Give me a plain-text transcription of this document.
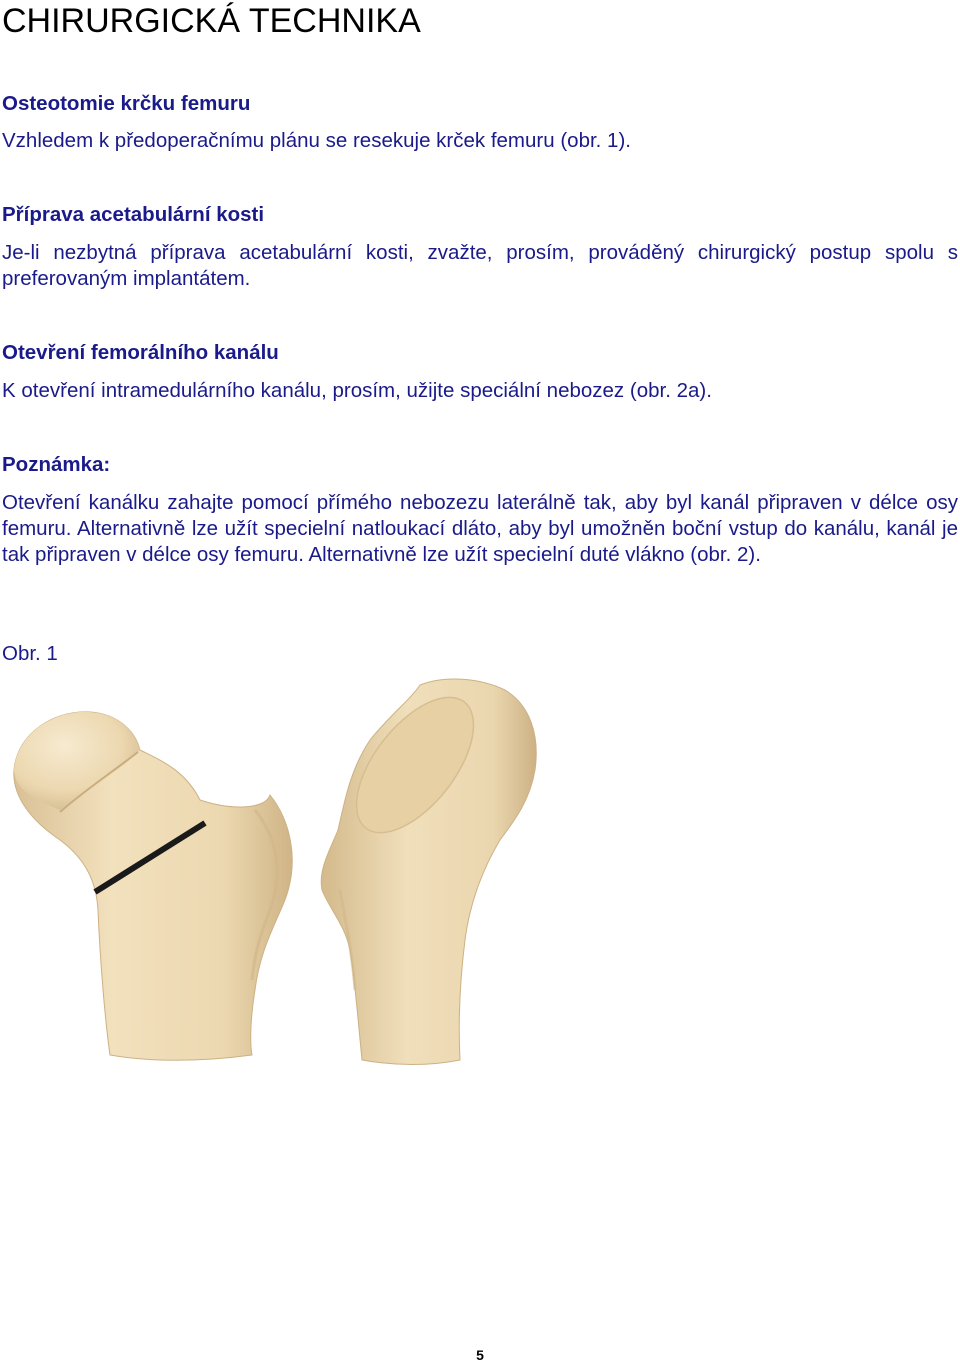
CHIRURGICKÁ TECHNIKA
Osteotomie krčku femuru

Vzhledem k předoperačnímu plánu se resekuje krček femuru (obr. 1).

Příprava acetabulární kosti

Je-li nezbytná příprava acetabulární kosti, zvažte, prosím, prováděný chirurgický postup spolu s preferovaným implantátem.

Otevření femorálního kanálu

K otevření intramedulárního kanálu, prosím, užijte speciální nebozez (obr. 2a).

Poznámka:

Otevření kanálku zahajte pomocí přímého nebozezu laterálně tak, aby byl kanál připraven v délce osy femuru. Alternativně lze užít specielní natloukací dláto, aby byl umožněn boční vstup do kanálu, kanál je tak připraven v délce osy femuru. Alternativně lze užít specielní duté vlákno (obr. 2).

Obr. 1
5
